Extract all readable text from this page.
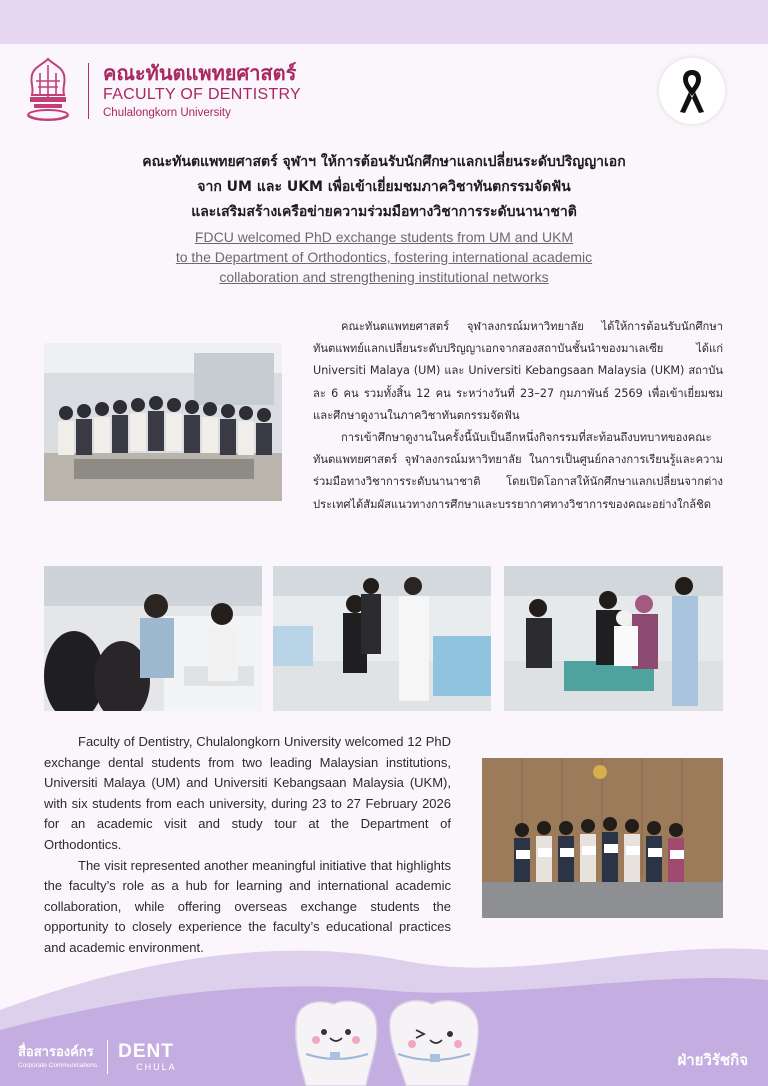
คณะทันตแพทยศาสตร์
FACULTY OF DENTISTRY
Chulalongkorn University
คณะทันตแพทยศาสตร์ จุฬาฯ ให้การต้อนรับนักศึกษาแลกเปลี่ยนระดับปริญญาเอก
จาก UM และ UKM เพื่อเข้าเยี่ยมชมภาควิชาทันตกรรมจัดฟัน
และเสริมสร้างเครือข่ายความร่วมมือทางวิชาการระดับนานาชาติ
FDCU welcomed PhD exchange students from UM and UKM
to the Department of Orthodontics, fostering international academic
collaboration and strengthening institutional networks

คณะทันตแพทยศาสตร์ จุฬาลงกรณ์มหาวิทยาลัย ได้ให้การต้อนรับนักศึกษาทันตแพทย์แลกเปลี่ยนระดับปริญญาเอกจากสองสถาบันชั้นนำของมาเลเซีย ได้แก่ Universiti Malaya (UM) และ Universiti Kebangsaan Malaysia (UKM) สถาบันละ 6 คน รวมทั้งสิ้น 12 คน ระหว่างวันที่ 23–27 กุมภาพันธ์ 2569 เพื่อเข้าเยี่ยมชมและศึกษาดูงานในภาควิชาทันตกรรมจัดฟัน

การเข้าศึกษาดูงานในครั้งนี้นับเป็นอีกหนึ่งกิจกรรมที่สะท้อนถึงบทบาทของคณะทันตแพทยศาสตร์ จุฬาลงกรณ์มหาวิทยาลัย ในการเป็นศูนย์กลางการเรียนรู้และความร่วมมือทางวิชาการระดับนานาชาติ โดยเปิดโอกาสให้นักศึกษาแลกเปลี่ยนจากต่างประเทศได้สัมผัสแนวทางการศึกษาและบรรยากาศทางวิชาการของคณะอย่างใกล้ชิด

Faculty of Dentistry, Chulalongkorn University welcomed 12 PhD exchange dental students from two leading Malaysian institutions, Universiti Malaya (UM) and Universiti Kebangsaan Malaysia (UKM), with six students from each university, during 23 to 27 February 2026 for an academic visit and study tour at the Department of Orthodontics.

The visit represented another meaningful initiative that highlights the faculty’s role as a hub for learning and international academic collaboration, while offering overseas exchange students the opportunity to closely experience the faculty’s educational practices and academic environment.

สื่อสารองค์กร
Corporate Communications
DENT
CHULA	ฝ่ายวิรัชกิจ
